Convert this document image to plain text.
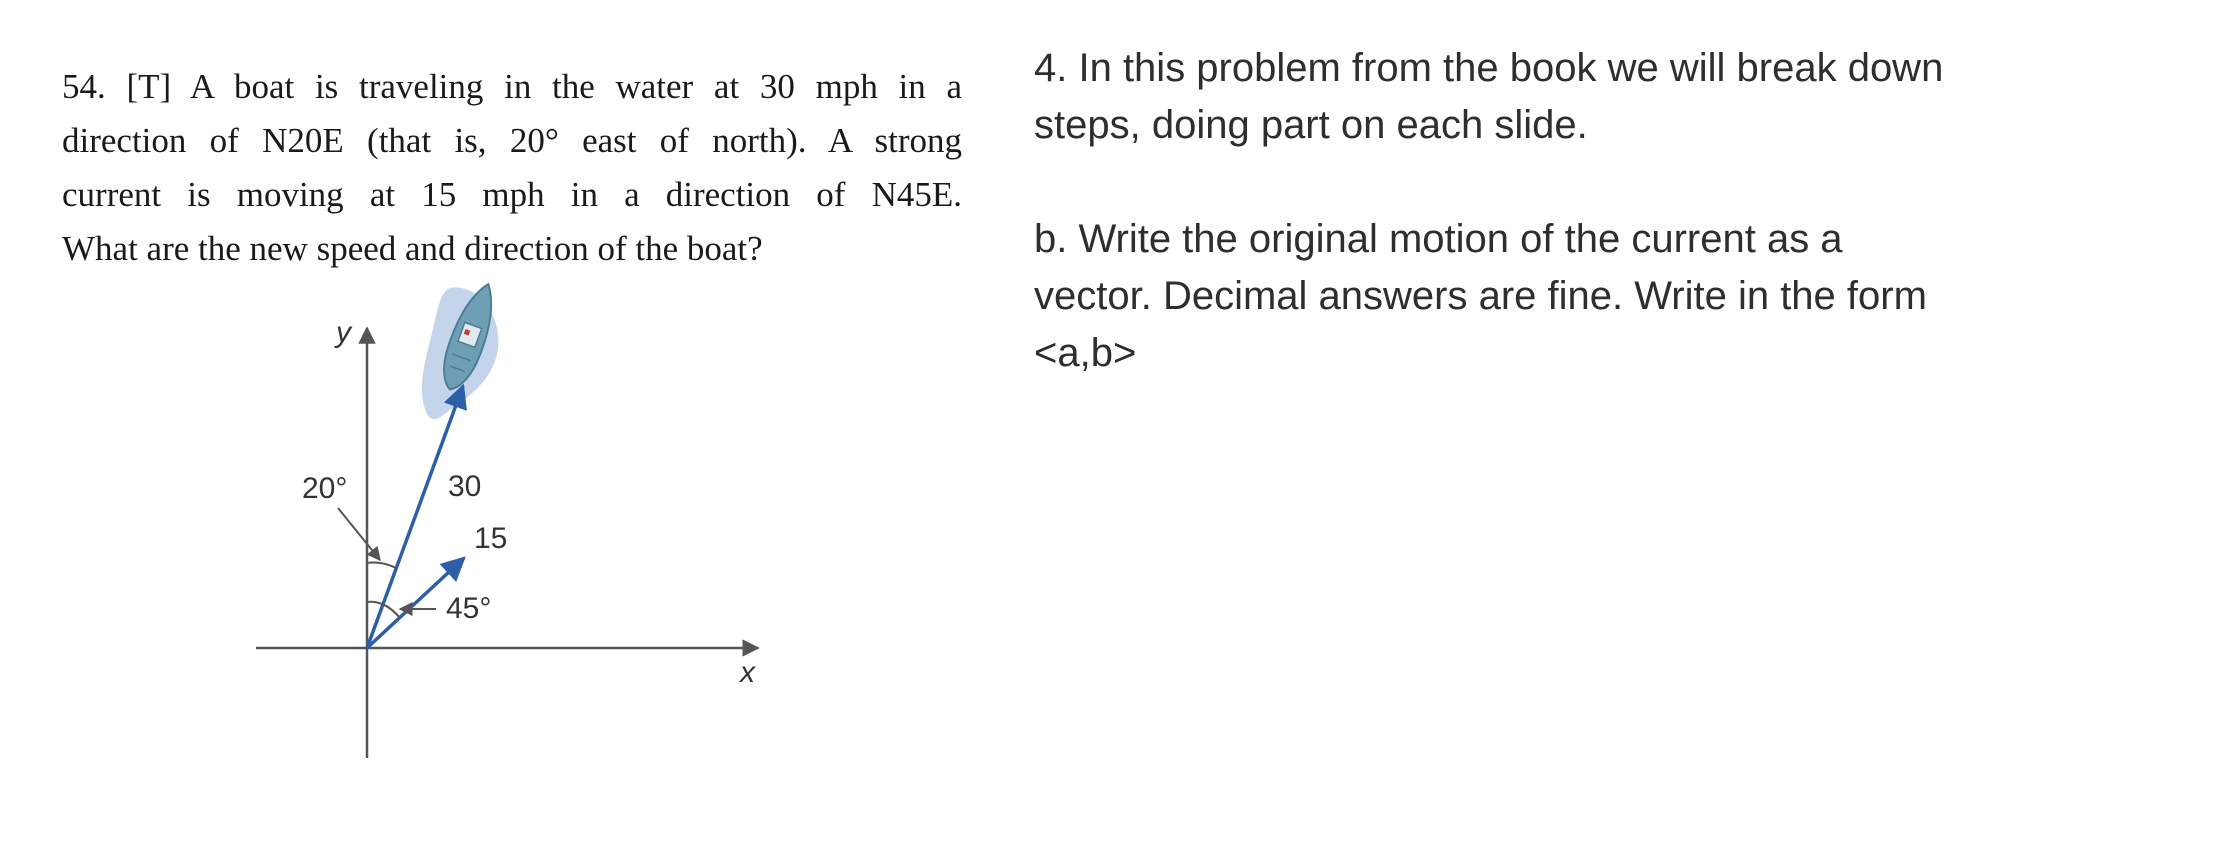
54. [T] A boat is traveling in the water at 30 mph in a
direction of N20E (that is, 20° east of north). A strong
current is moving at 15 mph in a direction of N45E.
What are the new speed and direction of the boat?
y
x
20°	30
15
45°

4. In this problem from the book we will break down

steps, doing part on each slide.

b. Write the original motion of the current as a

vector. Decimal answers are fine. Write in the form

<a,b>
